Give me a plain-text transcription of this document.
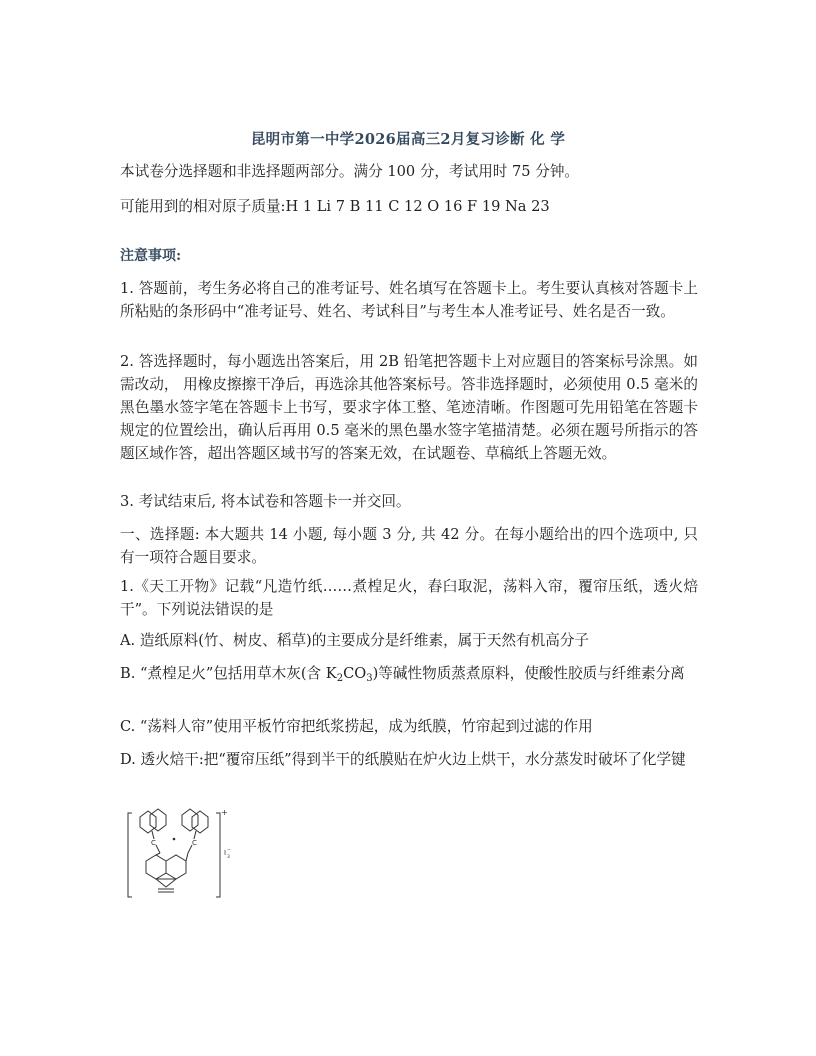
昆明市第一中学2026届高三2月复习诊断 化 学
本试卷分选择题和非选择题两部分。满分 100 分，考试用时 75 分钟。
可能用到的相对原子质量:H 1 Li 7 B 11 C 12 O 16 F 19 Na 23
注意事项:
1. 答题前，考生务必将自己的准考证号、姓名填写在答题卡上。考生要认真核对答题卡上所粘贴的条形码中“准考证号、姓名、考试科目”与考生本人准考证号、姓名是否一致。
2. 答选择题时，每小题选出答案后，用 2B 铅笔把答题卡上对应题目的答案标号涂黑。如需改动， 用橡皮擦擦干净后，再选涂其他答案标号。答非选择题时，必须使用 0.5 毫米的黑色墨水签字笔在答题卡上书写，要求字体工整、笔迹清晰。作图题可先用铅笔在答题卡规定的位置绘出，确认后再用 0.5 毫米的黑色墨水签字笔描清楚。必须在题号所指示的答题区域作答，超出答题区域书写的答案无效，在试题卷、草稿纸上答题无效。
3. 考试结束后, 将本试卷和答题卡一并交回。
一、选择题: 本大题共 14 小题, 每小题 3 分, 共 42 分。在每小题给出的四个选项中, 只有一项符合题目要求。
1.《天工开物》记载“凡造竹纸……煮楻足火，舂臼取泥，荡料入帘，覆帘压纸，透火焙干”。下列说法错误的是
A. 造纸原料(竹、树皮、稻草)的主要成分是纤维素，属于天然有机高分子
B. “煮楻足火”包括用草木灰(含 $K_2CO_3$)等碱性物质蒸煮原料，使酸性胶质与纤维素分离
C. “荡料人帘”使用平板竹帘把纸浆捞起，成为纸膜，竹帘起到过滤的作用
D. 透火焙干:把“覆帘压纸”得到半干的纸膜贴在炉火边上烘干，水分蒸发时破坏了化学键
C	C
+
I
3
−
